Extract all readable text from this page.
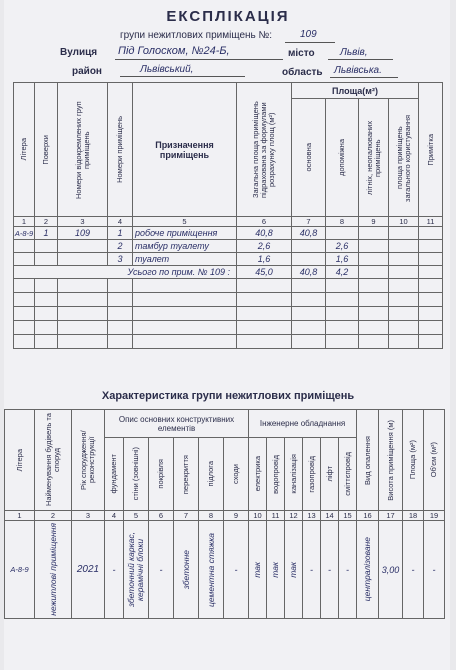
ЕКСПЛІКАЦІЯ
групи нежитлових приміщень №:	109
Вулиця Під Голоском, №24-Б,	місто	Львів,
район	Львівський,	область Львівська.
Літера	Поверхи	Номери відокремлених груп приміщень	Номери приміщень	Призначення приміщень	Загальна площа приміщень підрахована за формулами розрахунку площ (м²)	Площа(м²)				Примітка

						основна	допоміжна	літніх, неопалюваних приміщень	площа приміщень загального користування	

1	2	3	4	5	6	7	8	9	10	11
А-8-9	1	109	1	робоче приміщення	40,8	40,8				
			2	тамбур туалету	2,6		2,6			
			3	туалет	1,6		1,6			
Усього по прим. № 109 :					45,0	40,8	4,2			

Характеристика групи нежитлових приміщень
Літера	Найменування будівель та споруд	Рік спорудження/ реконструкції	Опис основних конструктивних елементів						Інженерне обладнання						Вид опалення	Висота приміщення (м)	Площа (м²)	Об'єм (м³)

			фундамент	стіни (зовнішні)	покрівля	перекриття	підлога	сходи	електрика	водопровід	каналізація	газопровід	ліфт	сміттєпровід				

1	2	3	4	5	6	7	8	9	10	11	12	13	14	15	16	17	18	19
А-8-9	нежитлові приміщення	2021	-	збетонний каркас, керамічні блоки	-	збетонне	цементна стяжка	-	так	так	так	-	-	-	централізоване	3,00	-	-
